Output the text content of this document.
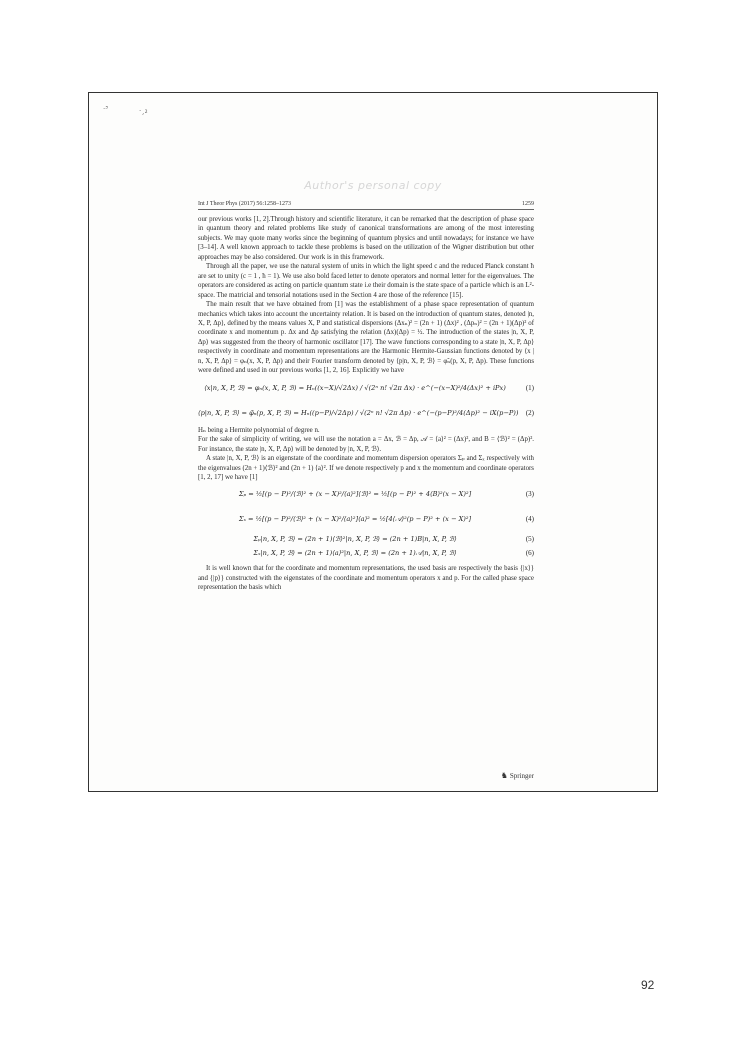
·³	·¸₂
Author's personal copy
Int J Theor Phys (2017) 56:1258–1273	1259

our previous works [1, 2].Through history and scientific literature, it can be remarked that the description of phase space in quantum theory and related problems like study of canonical transformations are among of the most interesting subjects. We may quote many works since the beginning of quantum physics and until nowadays; for instance we have [3–14]. A well known approach to tackle these problems is based on the utilization of the Wigner distribution but other approaches may be also considered. Our work is in this framework.

Through all the paper, we use the natural system of units in which the light speed c and the reduced Planck constant ħ are set to unity (c = 1 , ħ = 1). We use also bold faced letter to denote operators and normal letter for the eigenvalues. The operators are considered as acting on particle quantum state i.e their domain is the state space of a particle which is an L²-space. The matricial and tensorial notations used in the Section 4 are those of the reference [15].

The main result that we have obtained from [1] was the establishment of a phase space representation of quantum mechanics which takes into account the uncertainty relation. It is based on the introduction of quantum states, denoted |n, X, P, Δp⟩, defined by the means values X, P and statistical dispersions (Δxₙ)² = (2n + 1) (Δx)² , (Δpₙ)² = (2n + 1)(Δp)² of coordinate x and momentum p. Δx and Δp satisfying the relation (Δx)(Δp) = ½. The introduction of the states |n, X, P, Δp⟩ was suggested from the theory of harmonic oscillator [17]. The wave functions corresponding to a state |n, X, P, Δp⟩ respectively in coordinate and momentum representations are the Harmonic Hermite-Gaussian functions denoted by ⟨x | n, X, P, Δp⟩ = φₙ(x, X, P, Δp) and their Fourier transform denoted by ⟨p|n, X, P, ℬ⟩ = φ̃ₙ(p, X, P, Δp). These functions were defined and used in our previous works [1, 2, 16]. Explicitly we have

⟨x|n, X, P, ℬ⟩ = φₙ(x, X, P, ℬ) = Hₙ((x−X)/√2Δx) / √(2ⁿ n! √2π Δx) · e^(−(x−X)²/4(Δx)² + iPx)	(1)
⟨p|n, X, P, ℬ⟩ = φ̃ₙ(p, X, P, ℬ) = Hₙ((p−P)/√2Δp) / √(2ⁿ n! √2π Δp) · e^(−(p−P)²/4(Δp)² − iX(p−P)) (2)

Hₙ being a Hermite polynomial of degree n.

For the sake of simplicity of writing, we will use the notation a = Δx, ℬ = Δp, 𝒜 = ⟨a⟩² = (Δx)², and B = ⟨ℬ⟩² = (Δp)². For instance, the state |n, X, P, Δp⟩ will be denoted by |n, X, P, ℬ⟩.

A state |n, X, P, ℬ⟩ is an eigenstate of the coordinate and momentum dispersion operators Σₚ and Σₓ respectively with the eigenvalues (2n + 1)⟨ℬ⟩² and (2n + 1) ⟨a⟩². If we denote respectively p and x the momentum and coordinate operators [1, 2, 17] we have [1]

Σₚ = ½[(p − P)²/⟨ℬ⟩² + (x − X)²/⟨a⟩²]⟨ℬ⟩² = ½[(p − P)² + 4⟨B⟩²(x − X)²]	(3)
Σₓ = ½[(p − P)²/⟨ℬ⟩² + (x − X)²/⟨a⟩²]⟨a⟩² = ½[4⟨𝒜⟩²(p − P)² + (x − X)²]	(4)
Σₚ|n, X, P, ℬ⟩ = (2n + 1)⟨ℬ⟩²|n, X, P, ℬ⟩ = (2n + 1)B|n, X, P, ℬ⟩	(5)
Σₓ|n, X, P, ℬ⟩ = (2n + 1)⟨a⟩²|n, X, P, ℬ⟩ = (2n + 1)𝒜|n, X, P, ℬ⟩	(6)

It is well known that for the coordinate and momentum representations, the used basis are respectively the basis {|x⟩} and {|p⟩} constructed with the eigenstates of the coordinate and momentum operators x and p. For the called phase space representation the basis which

♞ Springer
92
